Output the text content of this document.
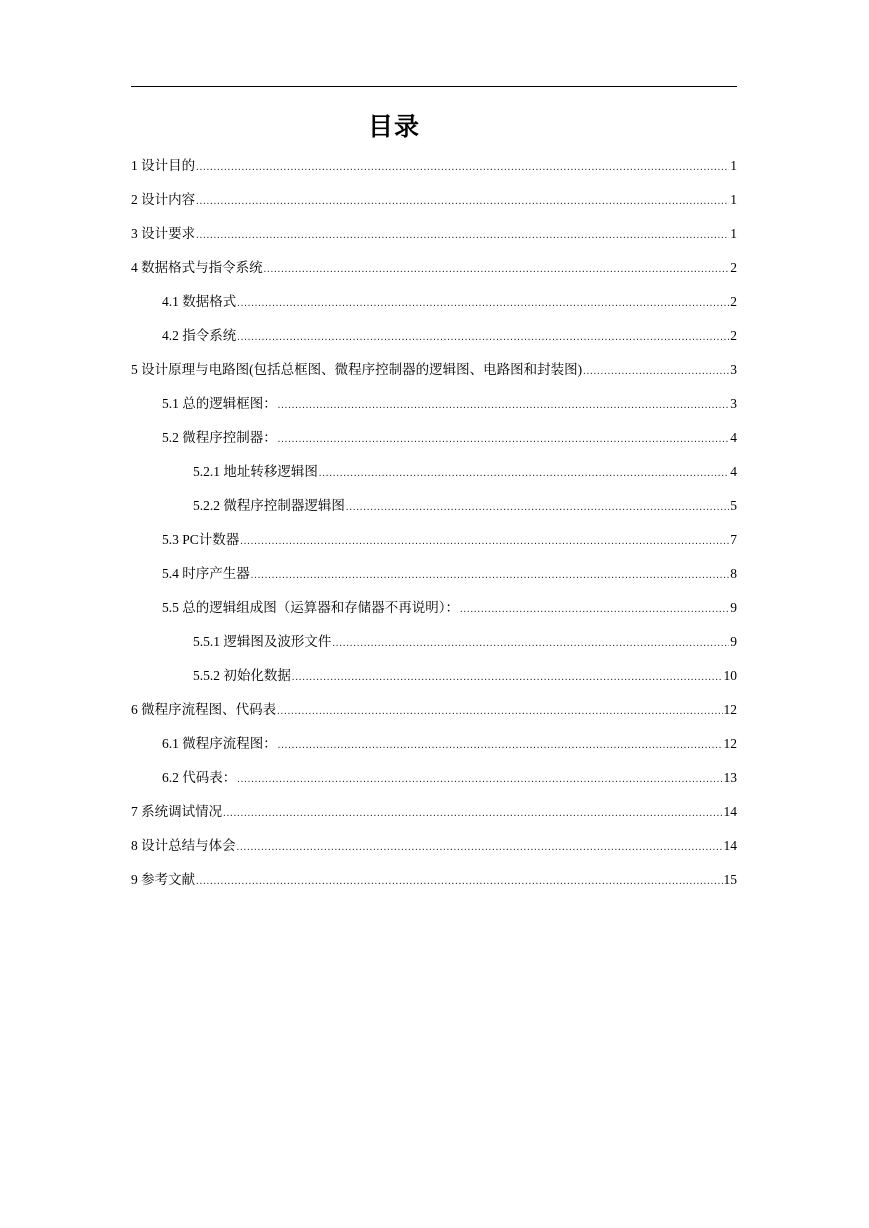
目录
1 设计目的 .....	1
2 设计内容 .....	1
3 设计要求 .....	1
4 数据格式与指令系统 .....	2
4.1 数据格式 .....	2
4.2 指令系统 .....	2
5 设计原理与电路图(包括总框图、微程序控制器的逻辑图、电路图和封装图) .....	3
5.1 总的逻辑框图： .....	3
5.2 微程序控制器： .....	4
5.2.1 地址转移逻辑图 .....	4
5.2.2 微程序控制器逻辑图 .....	5
5.3 PC计数器 .....	7
5.4 时序产生器 .....	8
5.5 总的逻辑组成图（运算器和存储器不再说明）： .....	9
5.5.1 逻辑图及波形文件 .....	9
5.5.2 初始化数据 .....	10
6 微程序流程图、代码表 .....	12
6.1 微程序流程图： .....	12
6.2 代码表： .....	13
7 系统调试情况 .....	14
8 设计总结与体会 .....	14
9 参考文献 .....	15
